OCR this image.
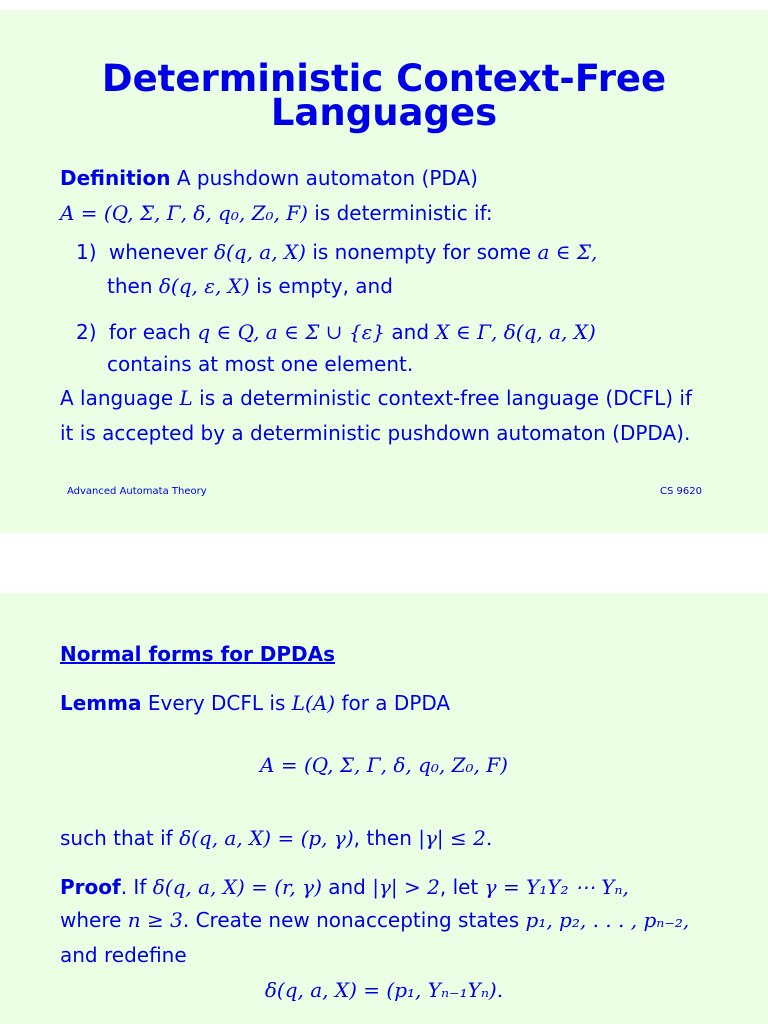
Deterministic Context-Free
Languages
Definition A pushdown automaton (PDA)
A = (Q, Σ, Γ, δ, q₀, Z₀, F) is deterministic if:
1) whenever δ(q, a, X) is nonempty for some a ∈ Σ,
then δ(q, ε, X) is empty, and
2) for each q ∈ Q, a ∈ Σ ∪ {ε} and X ∈ Γ, δ(q, a, X)
contains at most one element.
A language L is a deterministic context-free language (DCFL) if
it is accepted by a deterministic pushdown automaton (DPDA).
Advanced Automata Theory	CS 9620
Normal forms for DPDAs
Lemma Every DCFL is L(A) for a DPDA
A = (Q, Σ, Γ, δ, q₀, Z₀, F)
such that if δ(q, a, X) = (p, γ), then |γ| ≤ 2.
Proof. If δ(q, a, X) = (r, γ) and |γ| > 2, let γ = Y₁Y₂ ⋯ Yₙ,
where n ≥ 3. Create new nonaccepting states p₁, p₂, . . . , pₙ₋₂,
and redefine
δ(q, a, X) = (p₁, Yₙ₋₁Yₙ).
